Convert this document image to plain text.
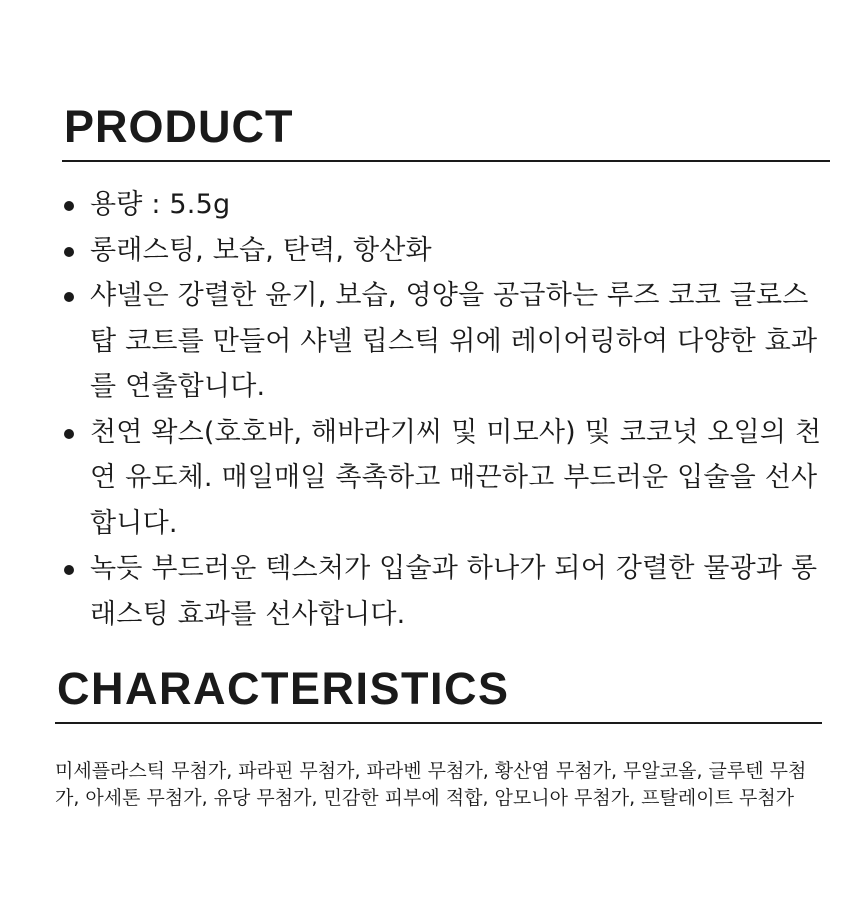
PRODUCT
용량 : 5.5g
롱래스팅, 보습, 탄력, 항산화
샤넬은 강렬한 윤기, 보습, 영양을 공급하는 루즈 코코 글로스 탑 코트를 만들어 샤넬 립스틱 위에 레이어링하여 다양한 효과를 연출합니다.
천연 왁스(호호바, 해바라기씨 및 미모사) 및 코코넛 오일의 천연 유도체. 매일매일 촉촉하고 매끈하고 부드러운 입술을 선사합니다.
녹듯 부드러운 텍스처가 입술과 하나가 되어 강렬한 물광과 롱래스팅 효과를 선사합니다.
CHARACTERISTICS

미세플라스틱 무첨가, 파라핀 무첨가, 파라벤 무첨가, 황산염 무첨가, 무알코올, 글루텐 무첨가, 아세톤 무첨가, 유당 무첨가, 민감한 피부에 적합, 암모니아 무첨가, 프탈레이트 무첨가
